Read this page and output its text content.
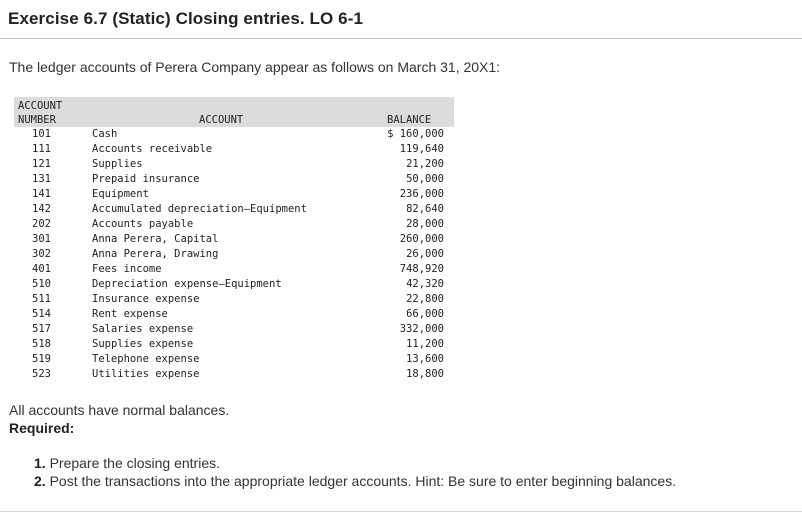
Exercise 6.7 (Static) Closing entries. LO 6-1
The ledger accounts of Perera Company appear as follows on March 31, 20X1:
ACCOUNT
NUMBER	ACCOUNT	BALANCE
101	Cash	$ 160,000
111	Accounts receivable	119,640
121	Supplies	21,200
131	Prepaid insurance	50,000
141	Equipment	236,000
142	Accumulated depreciation—Equipment	82,640
202	Accounts payable	28,000
301	Anna Perera, Capital	260,000
302	Anna Perera, Drawing	26,000
401	Fees income	748,920
510	Depreciation expense—Equipment	42,320
511	Insurance expense	22,800
514	Rent expense	66,000
517	Salaries expense	332,000
518	Supplies expense	11,200
519	Telephone expense	13,600
523	Utilities expense	18,800
All accounts have normal balances.
Required:
1. Prepare the closing entries.
2. Post the transactions into the appropriate ledger accounts. Hint: Be sure to enter beginning balances.
